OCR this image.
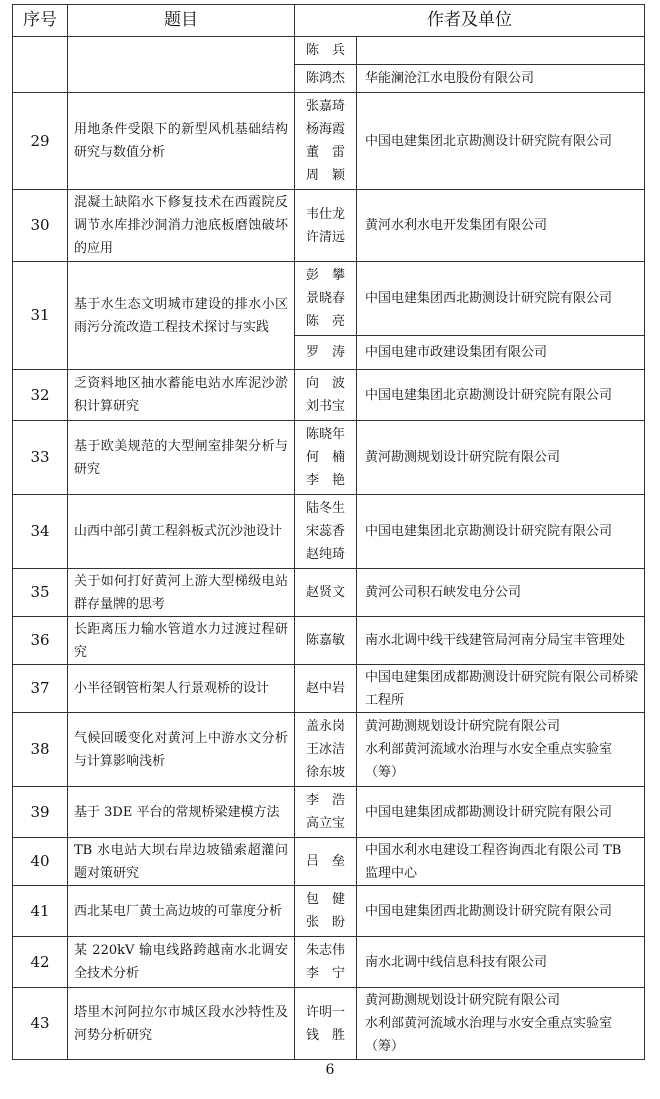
序号	题目	作者及单位	

		陈　兵	

		陈鸿杰	华能澜沧江水电股份有限公司
29	用地条件受限下的新型风机基础结构研究与数值分析	张嘉琦
杨海霞
董　雷
周　颖	中国电建集团北京勘测设计研究院有限公司
30	混凝土缺陷水下修复技术在西霞院反调节水库排沙洞消力池底板磨蚀破坏的应用	韦仕龙
许清远	黄河水利水电开发集团有限公司
31	基于水生态文明城市建设的排水小区雨污分流改造工程技术探讨与实践	彭　攀
景晓春
陈　亮	中国电建集团西北勘测设计研究院有限公司

		罗　涛	中国电建市政建设集团有限公司
32	乏资料地区抽水蓄能电站水库泥沙淤积计算研究	向　波
刘书宝	中国电建集团北京勘测设计研究院有限公司
33	基于欧美规范的大型闸室排架分析与研究	陈晓年
何　楠
李　艳	黄河勘测规划设计研究院有限公司
34	山西中部引黄工程斜板式沉沙池设计	陆冬生
宋蕊香
赵纯琦	中国电建集团北京勘测设计研究院有限公司
35	关于如何打好黄河上游大型梯级电站群存量牌的思考	赵贤文	黄河公司积石峡发电分公司
36	长距离压力输水管道水力过渡过程研究	陈嘉敏	南水北调中线干线建管局河南分局宝丰管理处
37	小半径钢管桁架人行景观桥的设计	赵中岩	中国电建集团成都勘测设计研究院有限公司桥梁工程所
38	气候回暖变化对黄河上中游水文分析与计算影响浅析	盖永岗
王冰洁
徐东坡	黄河勘测规划设计研究院有限公司
水利部黄河流域水治理与水安全重点实验室（筹）
39	基于 3DE 平台的常规桥梁建模方法	李　浩
高立宝	中国电建集团成都勘测设计研究院有限公司
40	TB 水电站大坝右岸边坡锚索超灌问题对策研究	吕　垒	中国水利水电建设工程咨询西北有限公司 TB 监理中心
41	西北某电厂黄土高边坡的可靠度分析	包　健
张　盼	中国电建集团西北勘测设计研究院有限公司
42	某 220kV 输电线路跨越南水北调安全技术分析	朱志伟
李　宁	南水北调中线信息科技有限公司
43	塔里木河阿拉尔市城区段水沙特性及河势分析研究	许明一
钱　胜	黄河勘测规划设计研究院有限公司
水利部黄河流域水治理与水安全重点实验室（筹）
6
